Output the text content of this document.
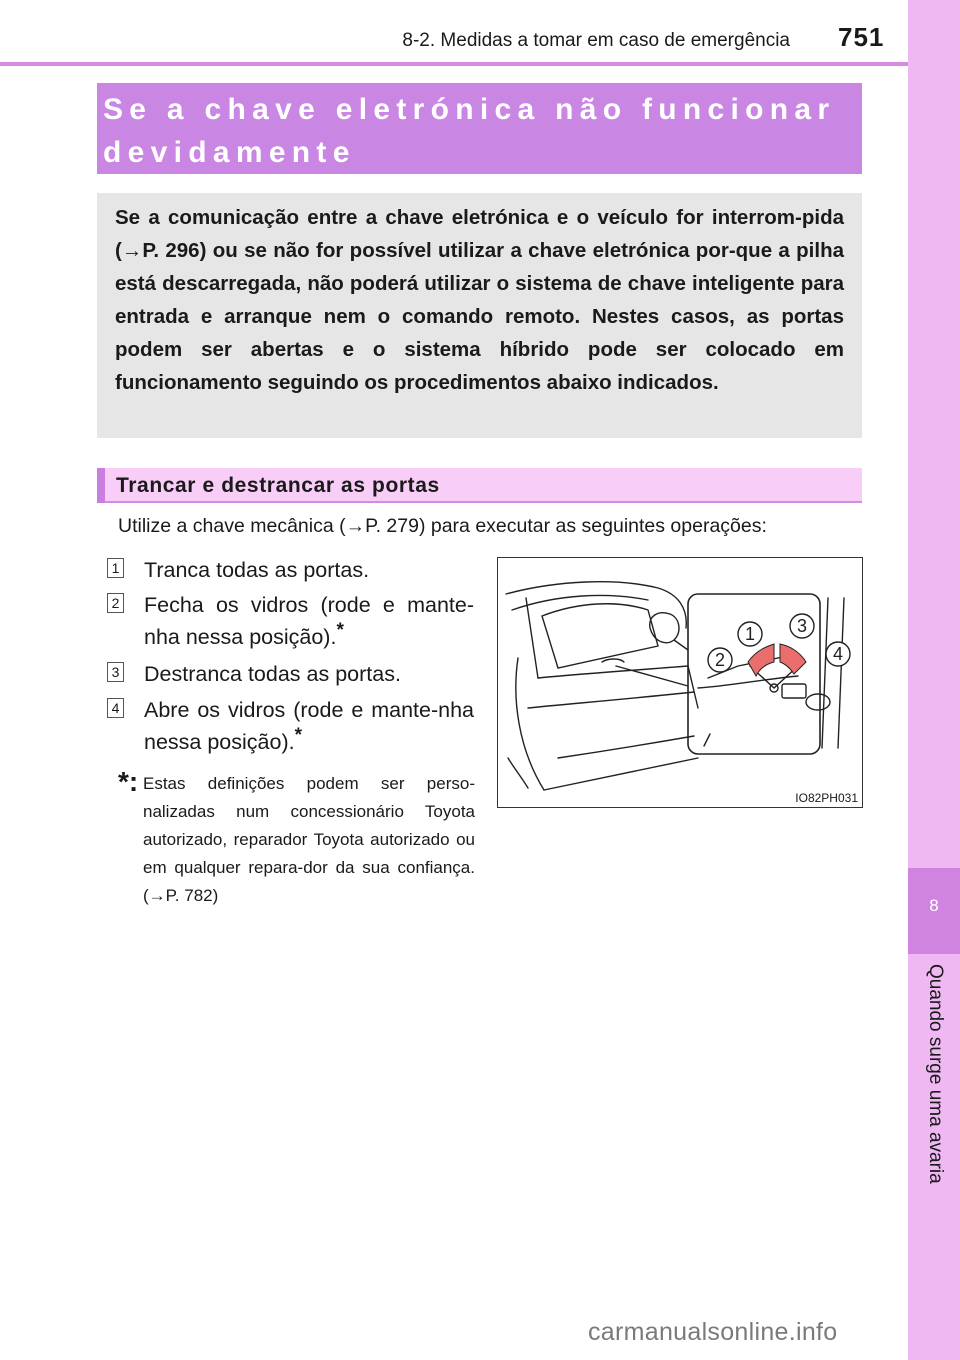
8-2. Medidas a tomar em caso de emergência 751
8
Quando surge uma avaria
Se a chave eletrónica não funcionar
devidamente

Se a comunicação entre a chave eletrónica e o veículo for interrom-pida (→P. 296) ou se não for possível utilizar a chave eletrónica por-que a pilha está descarregada, não poderá utilizar o sistema de chave inteligente para entrada e arranque nem o comando remoto. Nestes casos, as portas podem ser abertas e o sistema híbrido pode ser colocado em funcionamento seguindo os procedimentos abaixo indicados.

Trancar e destrancar as portas

Utilize a chave mecânica (→P. 279) para executar as seguintes operações:

1 Tranca todas as portas.
2 Fecha os vidros (rode e mante-nha nessa posição).*
3 Destranca todas as portas.
4 Abre os vidros (rode e mante-nha nessa posição).*
*: Estas definições podem ser perso-nalizadas num concessionário Toyota autorizado, reparador Toyota autorizado ou em qualquer repara-dor da sua confiança. (→P. 782)
1 3
2	4
IO82PH031
carmanualsonline.info
